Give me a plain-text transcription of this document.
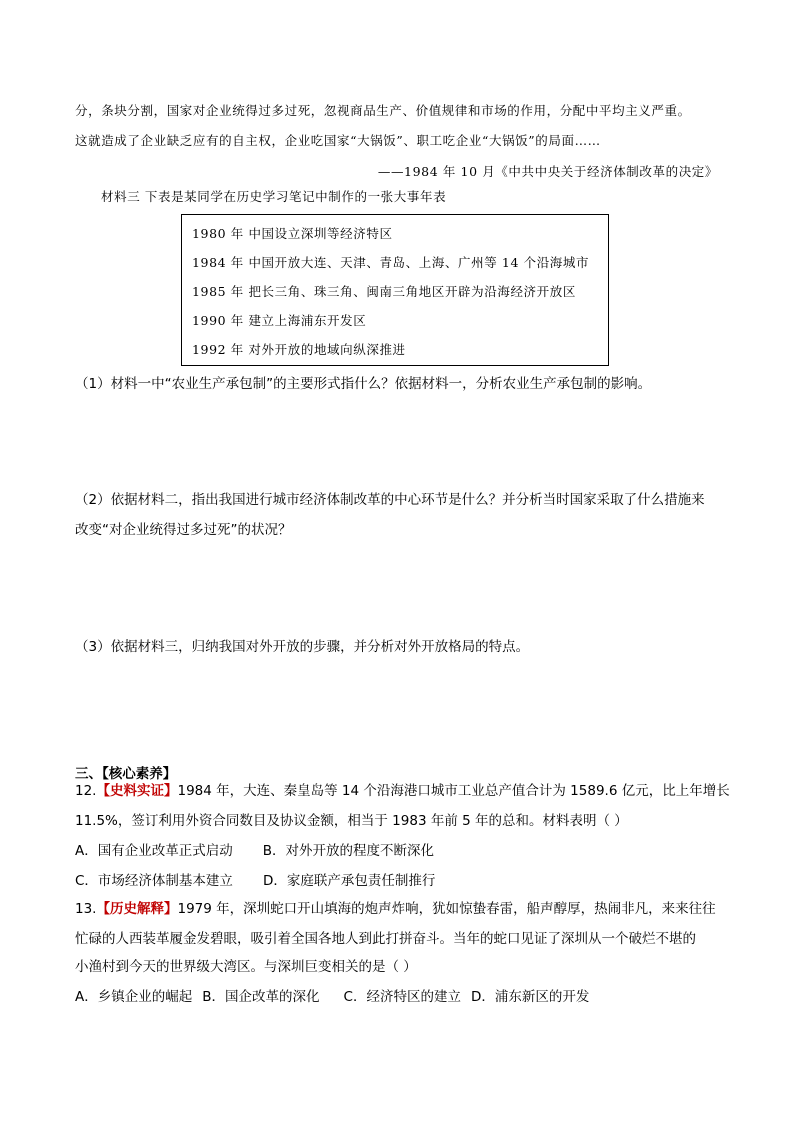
分，条块分割，国家对企业统得过多过死，忽视商品生产、价值规律和市场的作用，分配中平均主义严重。
这就造成了企业缺乏应有的自主权，企业吃国家“大锅饭”、职工吃企业“大锅饭”的局面……
——1984 年 10 月《中共中央关于经济体制改革的决定》
材料三 下表是某同学在历史学习笔记中制作的一张大事年表
1980 年 中国设立深圳等经济特区
1984 年 中国开放大连、天津、青岛、上海、广州等 14 个沿海城市
1985 年 把长三角、珠三角、闽南三角地区开辟为沿海经济开放区
1990 年 建立上海浦东开发区
1992 年 对外开放的地域向纵深推进
（1）材料一中“农业生产承包制”的主要形式指什么？依据材料一，分析农业生产承包制的影响。
（2）依据材料二，指出我国进行城市经济体制改革的中心环节是什么？并分析当时国家采取了什么措施来
改变“对企业统得过多过死”的状况？
（3）依据材料三，归纳我国对外开放的步骤，并分析对外开放格局的特点。
三、【核心素养】
12.【史料实证】1984 年，大连、秦皇岛等 14 个沿海港口城市工业总产值合计为 1589.6 亿元，比上年增长
11.5%，签订利用外资合同数目及协议金额，相当于 1983 年前 5 年的总和。材料表明（ ）
A．国有企业改革正式启动 B．对外开放的程度不断深化
C．市场经济体制基本建立 D．家庭联产承包责任制推行
13.【历史解释】1979 年，深圳蛇口开山填海的炮声炸响，犹如惊蛰春雷，船声醇厚，热闹非凡，来来往往
忙碌的人西装革履金发碧眼，吸引着全国各地人到此打拼奋斗。当年的蛇口见证了深圳从一个破烂不堪的
小渔村到今天的世界级大湾区。与深圳巨变相关的是（ ）
A．乡镇企业的崛起 B．国企改革的深化 C．经济特区的建立 D．浦东新区的开发
